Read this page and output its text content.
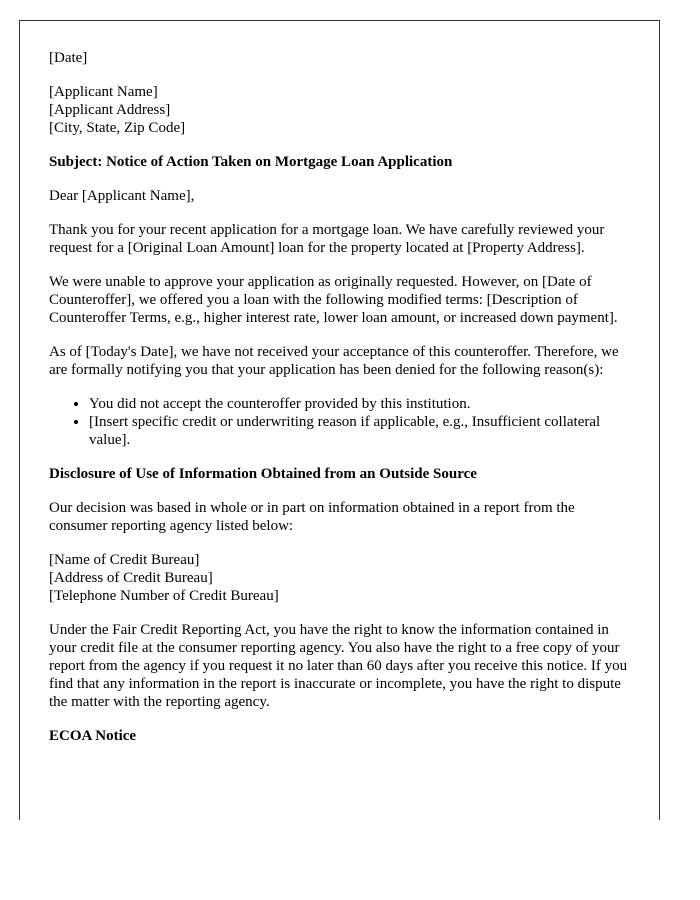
[Date]

[Applicant Name]
[Applicant Address]
[City, State, Zip Code]

Subject: Notice of Action Taken on Mortgage Loan Application

Dear [Applicant Name],

Thank you for your recent application for a mortgage loan. We have carefully reviewed your request for a [Original Loan Amount] loan for the property located at [Property Address].

We were unable to approve your application as originally requested. However, on [Date of Counteroffer], we offered you a loan with the following modified terms: [Description of Counteroffer Terms, e.g., higher interest rate, lower loan amount, or increased down payment].

As of [Today's Date], we have not received your acceptance of this counteroffer. Therefore, we are formally notifying you that your application has been denied for the following reason(s):

• You did not accept the counteroffer provided by this institution.
• [Insert specific credit or underwriting reason if applicable, e.g., Insufficient collateral value].

Disclosure of Use of Information Obtained from an Outside Source

Our decision was based in whole or in part on information obtained in a report from the consumer reporting agency listed below:

[Name of Credit Bureau]
[Address of Credit Bureau]
[Telephone Number of Credit Bureau]

Under the Fair Credit Reporting Act, you have the right to know the information contained in your credit file at the consumer reporting agency. You also have the right to a free copy of your report from the agency if you request it no later than 60 days after you receive this notice. If you find that any information in the report is inaccurate or incomplete, you have the right to dispute the matter with the reporting agency.

ECOA Notice
